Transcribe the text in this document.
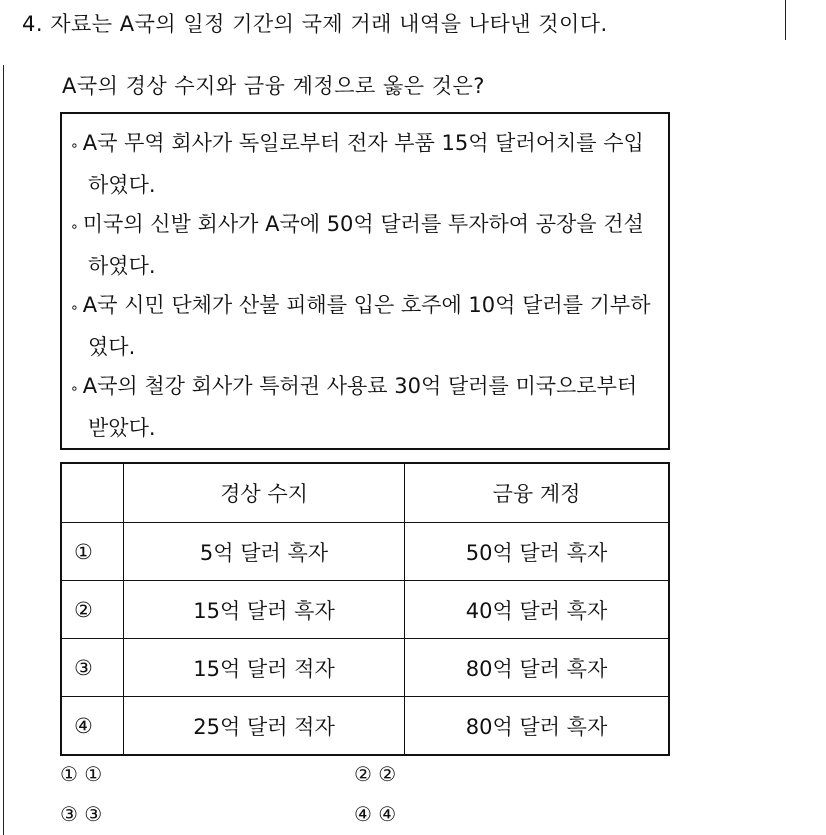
4. 자료는 A국의 일정 기간의 국제 거래 내역을 나타낸 것이다.
A국의 경상 수지와 금융 계정으로 옳은 것은?
∘ A국 무역 회사가 독일로부터 전자 부품 15억 달러어치를 수입하였다.
∘ 미국의 신발 회사가 A국에 50억 달러를 투자하여 공장을 건설하였다.
∘ A국 시민 단체가 산불 피해를 입은 호주에 10억 달러를 기부하였다.
∘ A국의 철강 회사가 특허권 사용료 30억 달러를 미국으로부터 받았다.
	경상 수지	금융 계정
①	5억 달러 흑자	50억 달러 흑자
②	15억 달러 흑자	40억 달러 흑자
③	15억 달러 적자	80억 달러 흑자
④	25억 달러 적자	80억 달러 흑자
① ①	② ②
③ ③	④ ④
